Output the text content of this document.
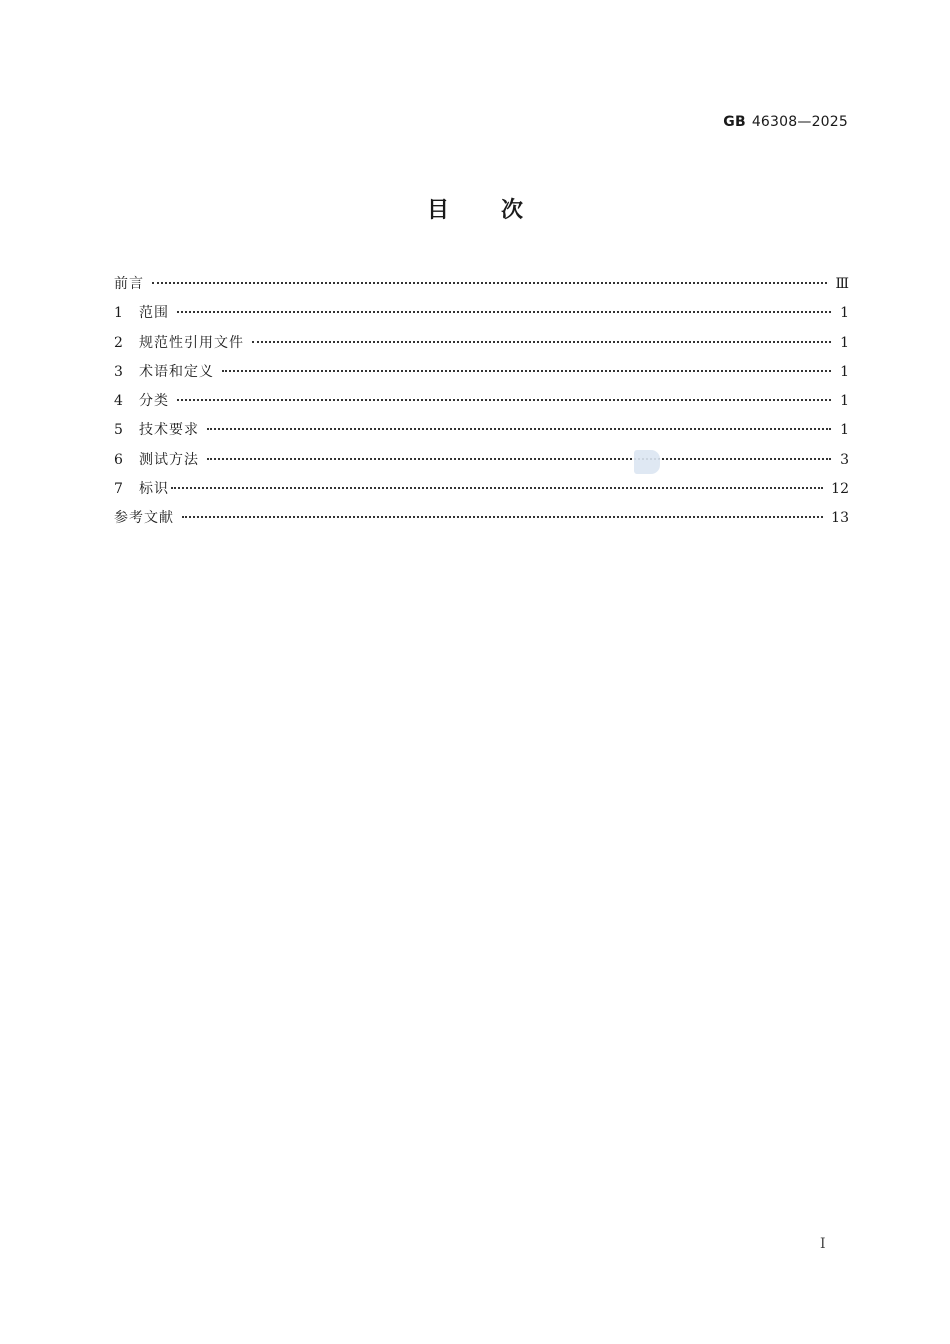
GB 46308—2025
目 次
前言	Ⅲ
1	范围	1
2	规范性引用文件	1
3	术语和定义	1
4	分类	1
5	技术要求	1
6	测试方法	3
7	标识	12
参考文献	13
I
